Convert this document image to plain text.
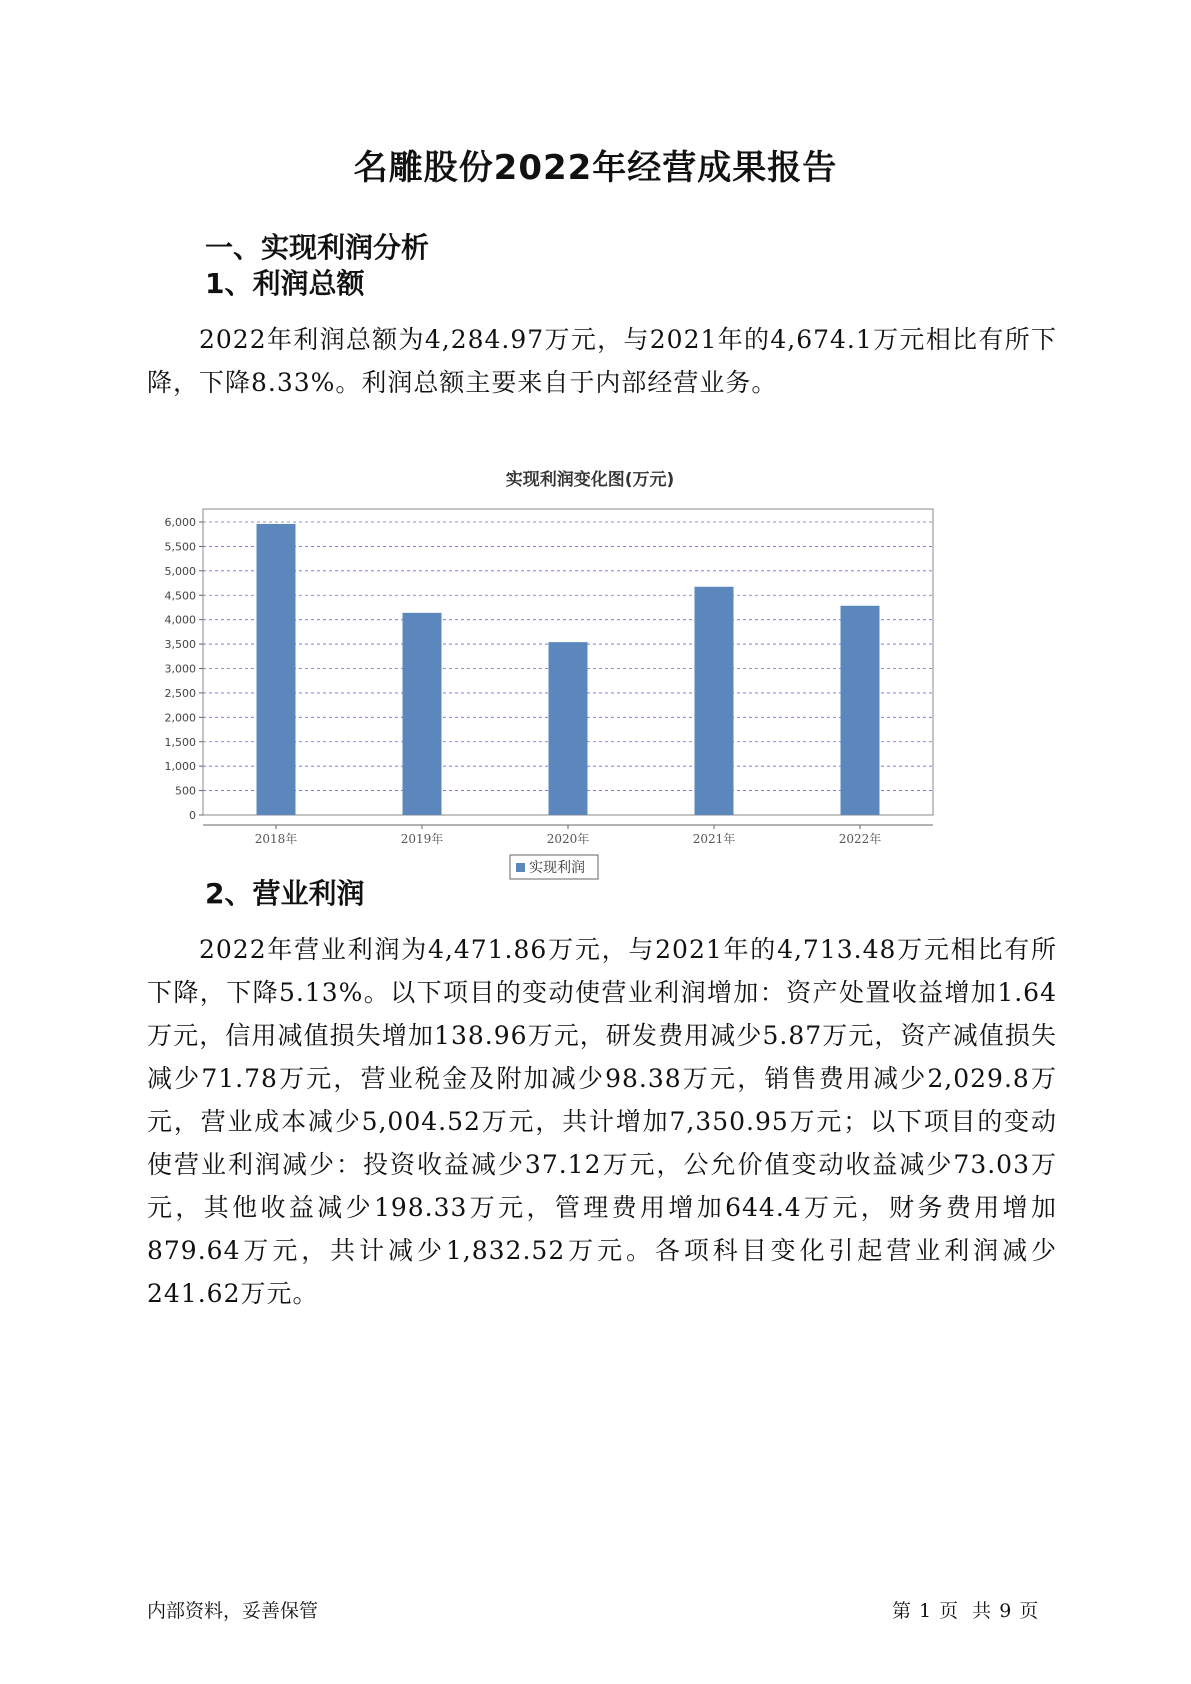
名雕股份2022年经营成果报告
一、实现利润分析
1、利润总额

2022年利润总额为4,284.97万元，与2021年的4,674.1万元相比有所下降，下降8.33%。利润总额主要来自于内部经营业务。

实现利润变化图(万元)
0
500
1,000
1,500
2,000
2,500
3,000
3,500
4,000
4,500
5,000
5,500
6,000
2018年	2019年	2020年	2021年	2022年
实现利润
2、营业利润

2022年营业利润为4,471.86万元，与2021年的4,713.48万元相比有所下降，下降5.13%。以下项目的变动使营业利润增加：资产处置收益增加1.64万元，信用减值损失增加138.96万元，研发费用减少5.87万元，资产减值损失减少71.78万元，营业税金及附加减少98.38万元，销售费用减少2,029.8万元，营业成本减少5,004.52万元，共计增加7,350.95万元；以下项目的变动使营业利润减少：投资收益减少37.12万元，公允价值变动收益减少73.03万元，其他收益减少198.33万元，管理费用增加644.4万元，财务费用增加879.64万元，共计减少1,832.52万元。各项科目变化引起营业利润减少241.62万元。

内部资料，妥善保管	第 1 页 共 9 页
